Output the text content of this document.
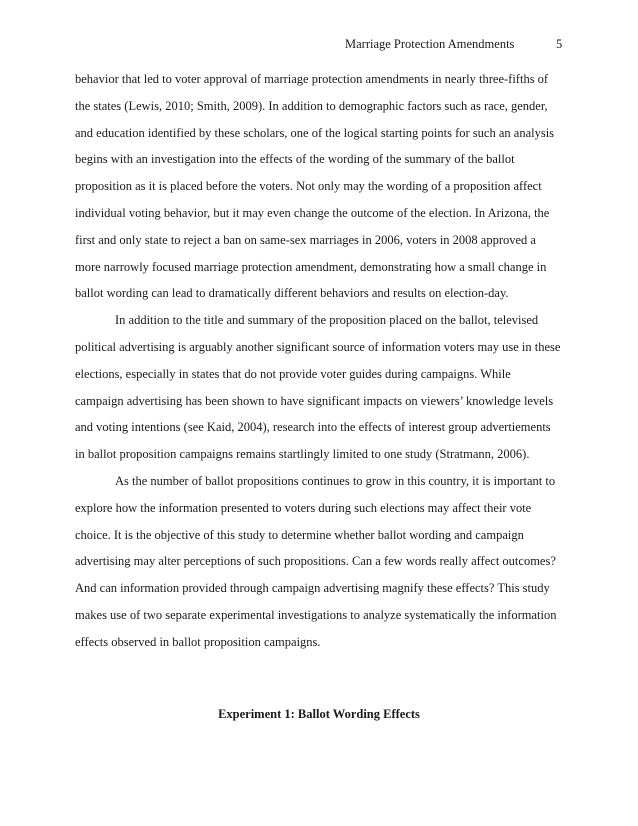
Marriage Protection Amendments	5
behavior that led to voter approval of marriage protection amendments in nearly three-fifths of
the states (Lewis, 2010; Smith, 2009). In addition to demographic factors such as race, gender,
and education identified by these scholars, one of the logical starting points for such an analysis
begins with an investigation into the effects of the wording of the summary of the ballot
proposition as it is placed before the voters. Not only may the wording of a proposition affect
individual voting behavior, but it may even change the outcome of the election. In Arizona, the
first and only state to reject a ban on same-sex marriages in 2006, voters in 2008 approved a
more narrowly focused marriage protection amendment, demonstrating how a small change in
ballot wording can lead to dramatically different behaviors and results on election-day.
In addition to the title and summary of the proposition placed on the ballot, televised
political advertising is arguably another significant source of information voters may use in these
elections, especially in states that do not provide voter guides during campaigns. While
campaign advertising has been shown to have significant impacts on viewers’ knowledge levels
and voting intentions (see Kaid, 2004), research into the effects of interest group advertiements
in ballot proposition campaigns remains startlingly limited to one study (Stratmann, 2006).
As the number of ballot propositions continues to grow in this country, it is important to
explore how the information presented to voters during such elections may affect their vote
choice. It is the objective of this study to determine whether ballot wording and campaign
advertising may alter perceptions of such propositions. Can a few words really affect outcomes?
And can information provided through campaign advertising magnify these effects? This study
makes use of two separate experimental investigations to analyze systematically the information
effects observed in ballot proposition campaigns.
Experiment 1: Ballot Wording Effects
